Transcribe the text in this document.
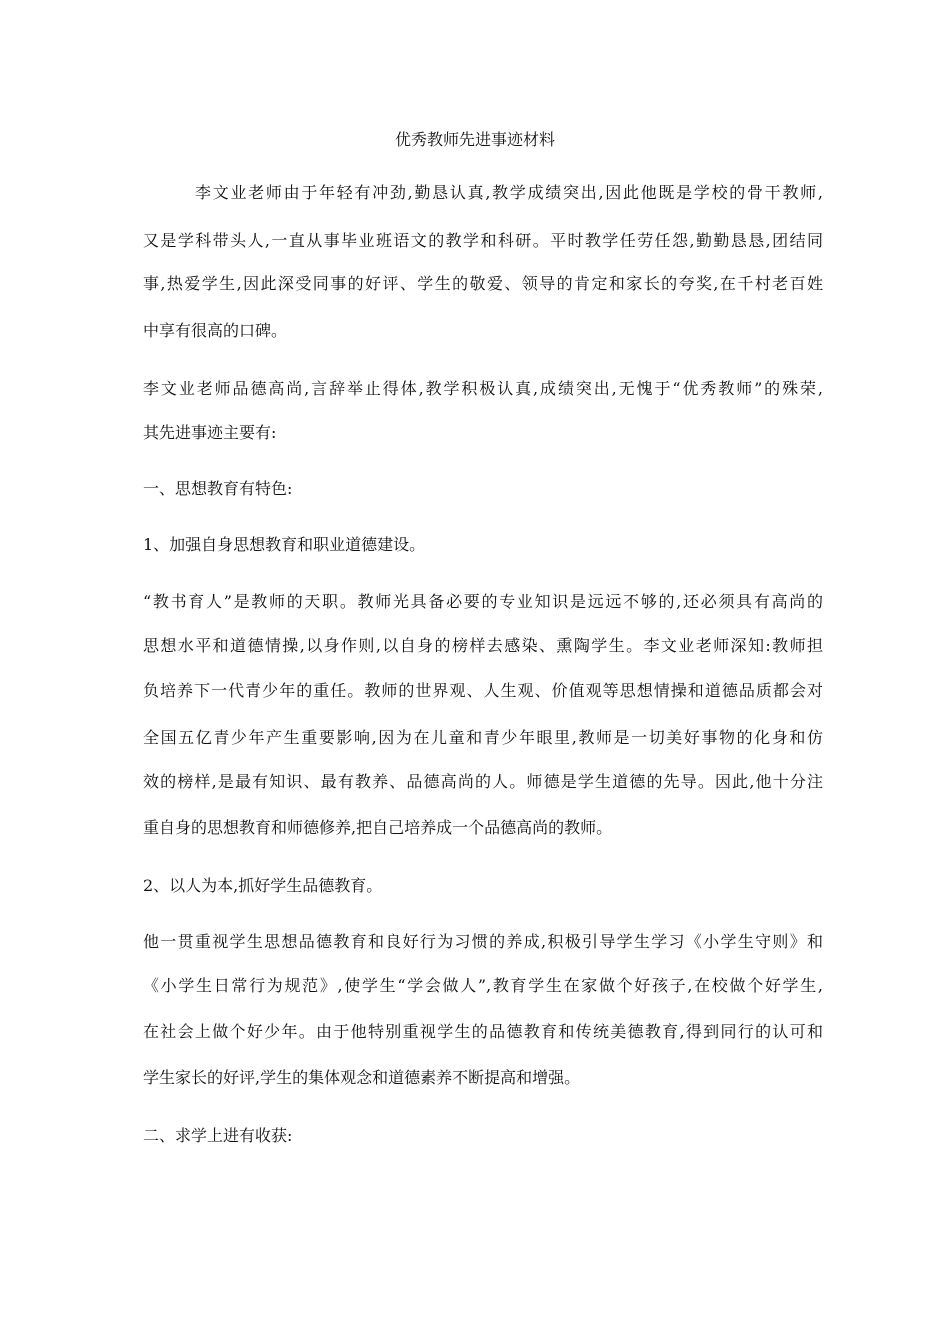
优秀教师先进事迹材料

李文业老师由于年轻有冲劲,勤恳认真,教学成绩突出,因此他既是学校的骨干教师,

又是学科带头人,一直从事毕业班语文的教学和科研。平时教学任劳任怨,勤勤恳恳,团结同

事,热爱学生,因此深受同事的好评、学生的敬爱、领导的肯定和家长的夸奖,在千村老百姓

中享有很高的口碑。

李文业老师品德高尚,言辞举止得体,教学积极认真,成绩突出,无愧于“优秀教师”的殊荣,

其先进事迹主要有:

一、思想教育有特色:

1、加强自身思想教育和职业道德建设。

“教书育人”是教师的天职。教师光具备必要的专业知识是远远不够的,还必须具有高尚的

思想水平和道德情操,以身作则,以自身的榜样去感染、熏陶学生。李文业老师深知:教师担

负培养下一代青少年的重任。教师的世界观、人生观、价值观等思想情操和道德品质都会对

全国五亿青少年产生重要影响,因为在儿童和青少年眼里,教师是一切美好事物的化身和仿

效的榜样,是最有知识、最有教养、品德高尚的人。师德是学生道德的先导。因此,他十分注

重自身的思想教育和师德修养,把自己培养成一个品德高尚的教师。

2、以人为本,抓好学生品德教育。

他一贯重视学生思想品德教育和良好行为习惯的养成,积极引导学生学习《小学生守则》和

《小学生日常行为规范》,使学生“学会做人”,教育学生在家做个好孩子,在校做个好学生,

在社会上做个好少年。由于他特别重视学生的品德教育和传统美德教育,得到同行的认可和

学生家长的好评,学生的集体观念和道德素养不断提高和增强。

二、求学上进有收获:
